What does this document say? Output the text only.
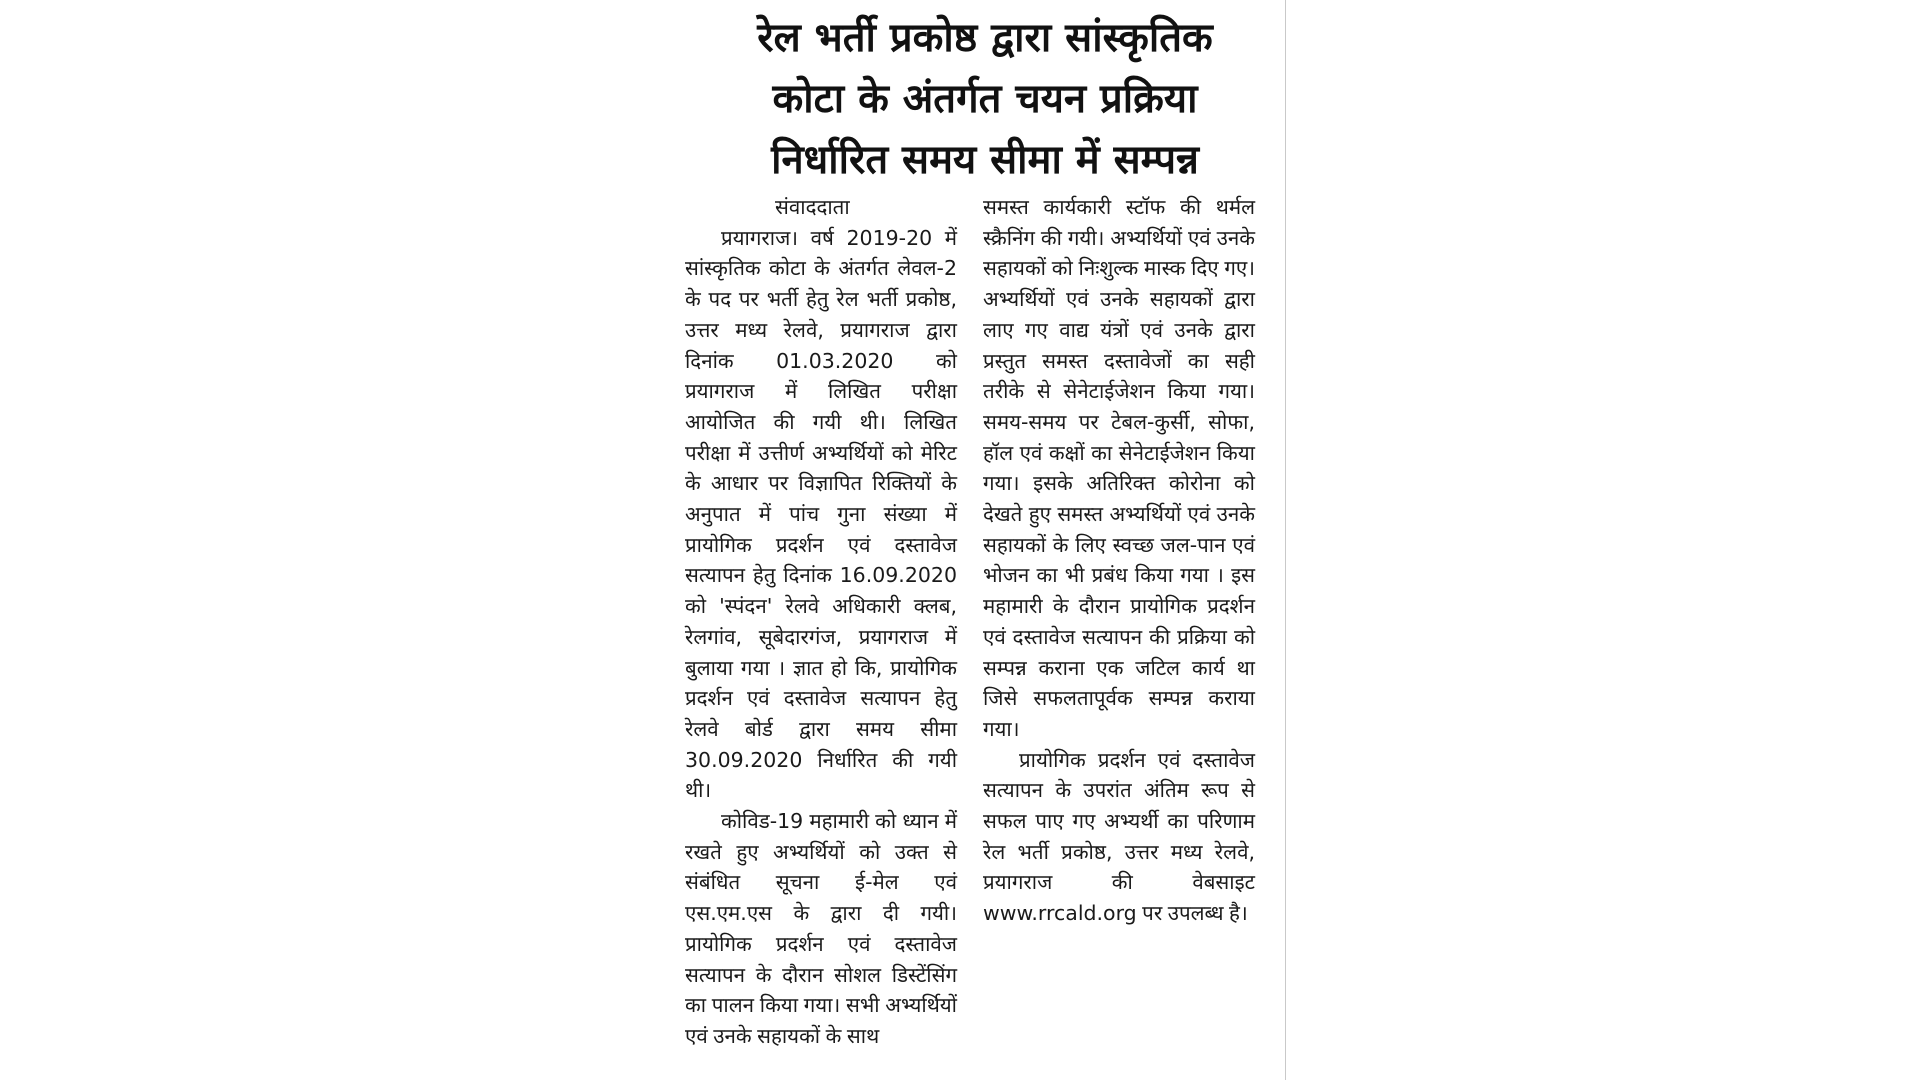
रेल भर्ती प्रकोष्ठ द्वारा सांस्कृतिक
कोटा के अंतर्गत चयन प्रक्रिया
निर्धारित समय सीमा में सम्पन्न
संवाददाता

प्रयागराज। वर्ष 2019-20 में सांस्कृतिक कोटा के अंतर्गत लेवल-2 के पद पर भर्ती हेतु रेल भर्ती प्रकोष्ठ, उत्तर मध्य रेलवे, प्रयागराज द्वारा दिनांक 01.03.2020 को प्रयागराज में लिखित परीक्षा आयोजित की गयी थी। लिखित परीक्षा में उत्तीर्ण अभ्यर्थियों को मेरिट के आधार पर विज्ञापित रिक्तियों के अनुपात में पांच गुना संख्या में प्रायोगिक प्रदर्शन एवं दस्तावेज सत्यापन हेतु दिनांक 16.09.2020 को 'स्पंदन' रेलवे अधिकारी क्लब, रेलगांव, सूबेदारगंज, प्रयागराज में बुलाया गया । ज्ञात हो कि, प्रायोगिक प्रदर्शन एवं दस्तावेज सत्यापन हेतु रेलवे बोर्ड द्वारा समय सीमा 30.09.2020 निर्धारित की गयी थी।

कोविड-19 महामारी को ध्यान में रखते हुए अभ्यर्थियों को उक्त से संबंधित सूचना ई-मेल एवं एस.एम.एस के द्वारा दी गयी। प्रायोगिक प्रदर्शन एवं दस्तावेज सत्यापन के दौरान सोशल डिस्टेंसिंग का पालन किया गया। सभी अभ्यर्थियों एवं उनके सहायकों के साथ

समस्त कार्यकारी स्टॉफ की थर्मल स्क्रैनिंग की गयी। अभ्यर्थियों एवं उनके सहायकों को निःशुल्क मास्क दिए गए। अभ्यर्थियों एवं उनके सहायकों द्वारा लाए गए वाद्य यंत्रों एवं उनके द्वारा प्रस्तुत समस्त दस्तावेजों का सही तरीके से सेनेटाईजेशन किया गया। समय-समय पर टेबल-कुर्सी, सोफा, हॉल एवं कक्षों का सेनेटाईजेशन किया गया। इसके अतिरिक्त कोरोना को देखते हुए समस्त अभ्यर्थियों एवं उनके सहायकों के लिए स्वच्छ जल-पान एवं भोजन का भी प्रबंध किया गया । इस महामारी के दौरान प्रायोगिक प्रदर्शन एवं दस्तावेज सत्यापन की प्रक्रिया को सम्पन्न कराना एक जटिल कार्य था जिसे सफलतापूर्वक सम्पन्न कराया गया।

प्रायोगिक प्रदर्शन एवं दस्तावेज सत्यापन के उपरांत अंतिम रूप से सफल पाए गए अभ्यर्थी का परिणाम रेल भर्ती प्रकोष्ठ, उत्तर मध्य रेलवे, प्रयागराज की वेबसाइट www.rrcald.org पर उपलब्ध है।
